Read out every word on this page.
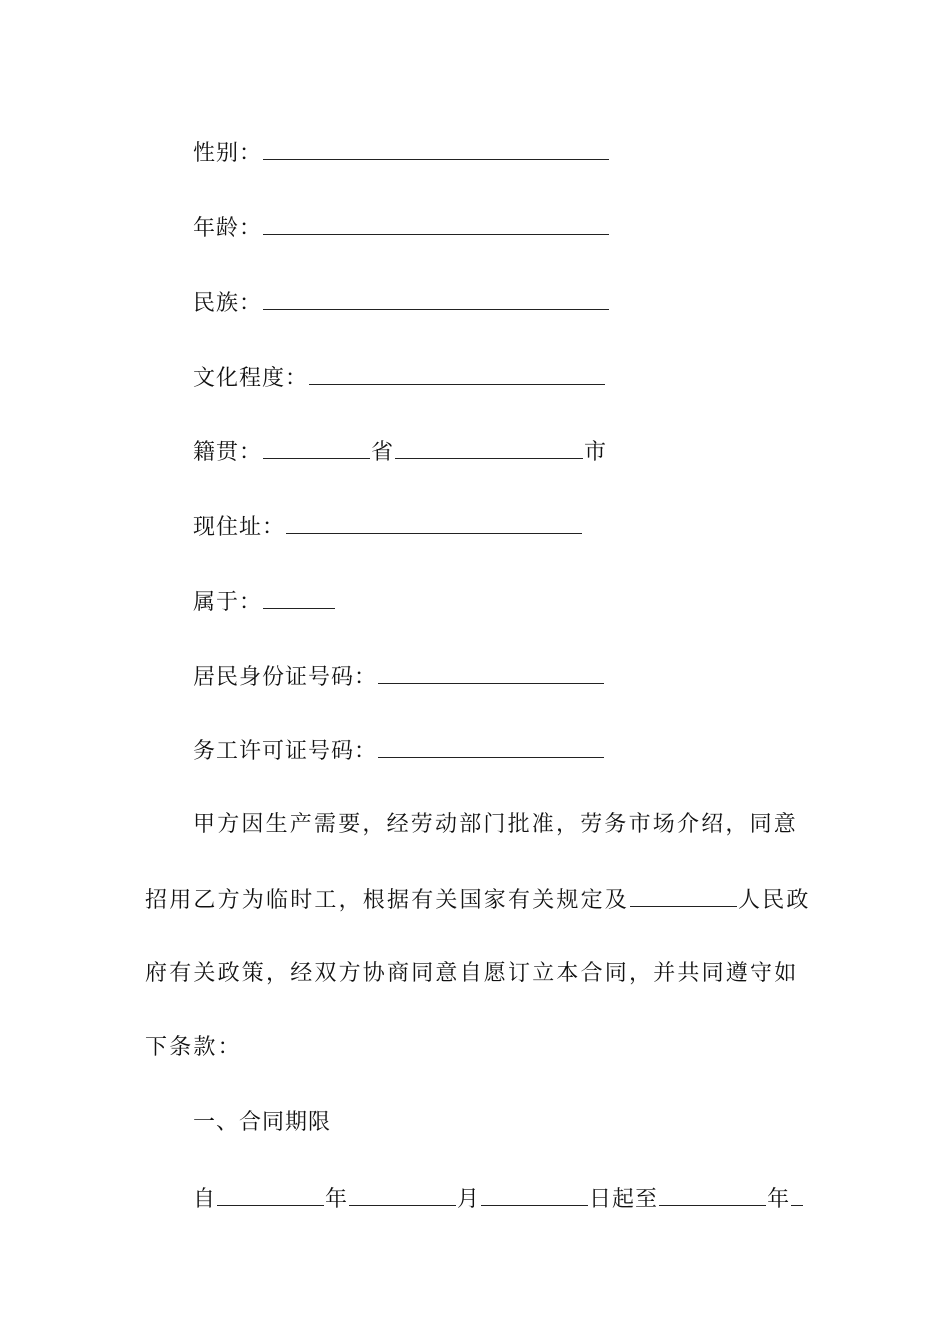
性别：
年龄：
民族：
文化程度：
籍贯：	省	市
现住址：
属于：
居民身份证号码：
务工许可证号码：
甲方因生产需要，经劳动部门批准，劳务市场介绍，同意
招用乙方为临时工，根据有关国家有关规定及	人民政
府有关政策，经双方协商同意自愿订立本合同，并共同遵守如
下条款：
一、合同期限
自	年	月	日起至	年
